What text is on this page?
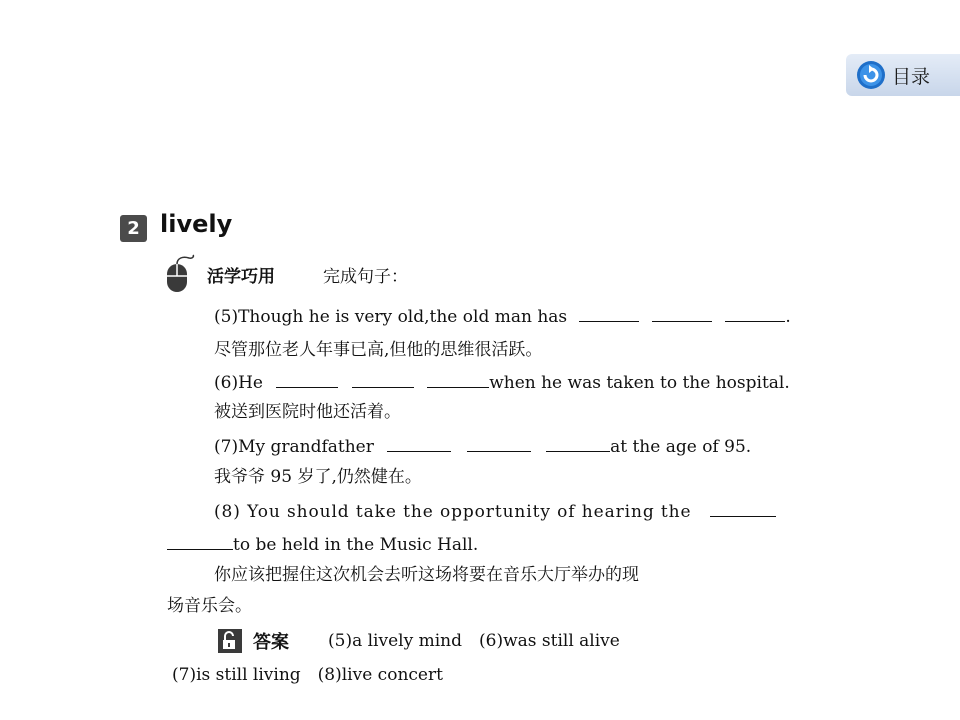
目录
2 lively
活学巧用	完成句子：
(5)Though he is very old,the old man has	.
尽管那位老人年事已高,但他的思维很活跃。
(6)He	when he was taken to the hospital.
被送到医院时他还活着。
(7)My grandfather	at the age of 95.
我爷爷 95 岁了,仍然健在。
(8) You should take the opportunity of hearing the
to be held in the Music Hall.
你应该把握住这次机会去听这场将要在音乐大厅举办的现
场音乐会。
答案 (5)a lively mind　(6)was still alive
(7)is still living　(8)live concert
